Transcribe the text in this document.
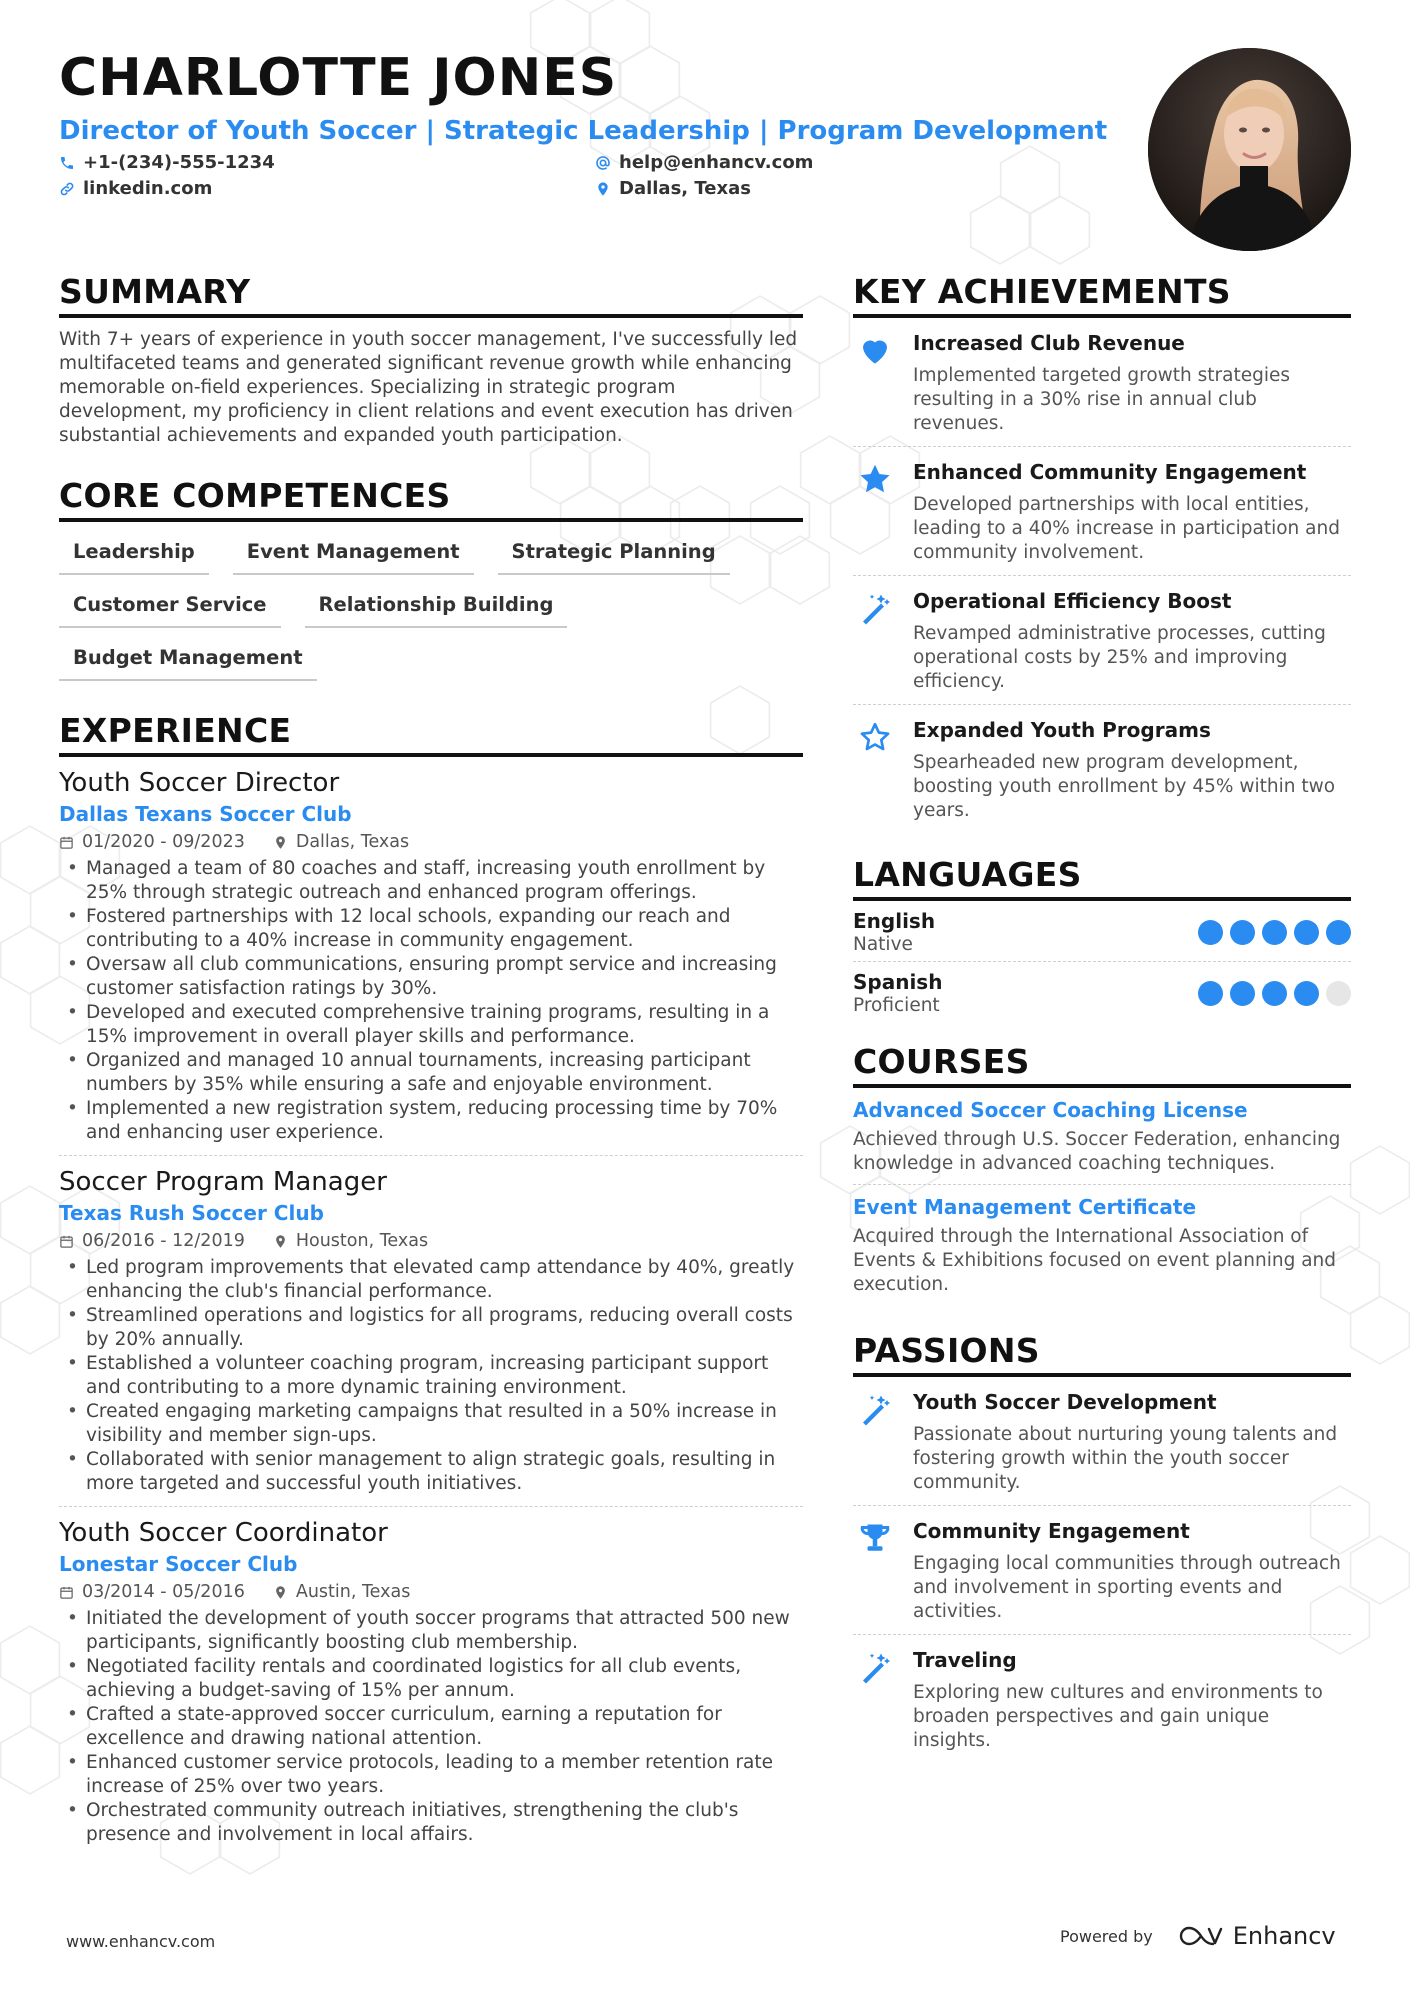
CHARLOTTE JONES
Director of Youth Soccer | Strategic Leadership | Program Development
+1-(234)-555-1234	help@enhancv.com
linkedin.com	Dallas, Texas
SUMMARY
With 7+ years of experience in youth soccer management, I've successfully led multifaceted teams and generated significant revenue growth while enhancing memorable on-field experiences. Specializing in strategic program development, my proficiency in client relations and event execution has driven substantial achievements and expanded youth participation.
CORE COMPETENCES
Leadership	Event Management	Strategic Planning
Customer Service	Relationship Building
Budget Management
EXPERIENCE
Youth Soccer Director
Dallas Texans Soccer Club
01/2020 - 09/2023	Dallas, Texas
• Managed a team of 80 coaches and staff, increasing youth enrollment by 25% through strategic outreach and enhanced program offerings.
• Fostered partnerships with 12 local schools, expanding our reach and contributing to a 40% increase in community engagement.
• Oversaw all club communications, ensuring prompt service and increasing customer satisfaction ratings by 30%.
• Developed and executed comprehensive training programs, resulting in a 15% improvement in overall player skills and performance.
• Organized and managed 10 annual tournaments, increasing participant numbers by 35% while ensuring a safe and enjoyable environment.
• Implemented a new registration system, reducing processing time by 70% and enhancing user experience.
Soccer Program Manager
Texas Rush Soccer Club
06/2016 - 12/2019	Houston, Texas
• Led program improvements that elevated camp attendance by 40%, greatly enhancing the club's financial performance.
• Streamlined operations and logistics for all programs, reducing overall costs by 20% annually.
• Established a volunteer coaching program, increasing participant support and contributing to a more dynamic training environment.
• Created engaging marketing campaigns that resulted in a 50% increase in visibility and member sign-ups.
• Collaborated with senior management to align strategic goals, resulting in more targeted and successful youth initiatives.
Youth Soccer Coordinator
Lonestar Soccer Club
03/2014 - 05/2016	Austin, Texas
• Initiated the development of youth soccer programs that attracted 500 new participants, significantly boosting club membership.
• Negotiated facility rentals and coordinated logistics for all club events, achieving a budget-saving of 15% per annum.
• Crafted a state-approved soccer curriculum, earning a reputation for excellence and drawing national attention.
• Enhanced customer service protocols, leading to a member retention rate increase of 25% over two years.
• Orchestrated community outreach initiatives, strengthening the club's presence and involvement in local affairs.
KEY ACHIEVEMENTS
Increased Club Revenue
Implemented targeted growth strategies resulting in a 30% rise in annual club revenues.
Enhanced Community Engagement
Developed partnerships with local entities, leading to a 40% increase in participation and community involvement.
Operational Efficiency Boost
Revamped administrative processes, cutting operational costs by 25% and improving efficiency.
Expanded Youth Programs
Spearheaded new program development, boosting youth enrollment by 45% within two years.
LANGUAGES
English
Native
Spanish
Proficient
COURSES
Advanced Soccer Coaching License
Achieved through U.S. Soccer Federation, enhancing knowledge in advanced coaching techniques.
Event Management Certificate
Acquired through the International Association of Events & Exhibitions focused on event planning and execution.
PASSIONS
Youth Soccer Development
Passionate about nurturing young talents and fostering growth within the youth soccer community.
Community Engagement
Engaging local communities through outreach and involvement in sporting events and activities.
Traveling
Exploring new cultures and environments to broaden perspectives and gain unique insights.
www.enhancv.com	Powered by	Enhancv
